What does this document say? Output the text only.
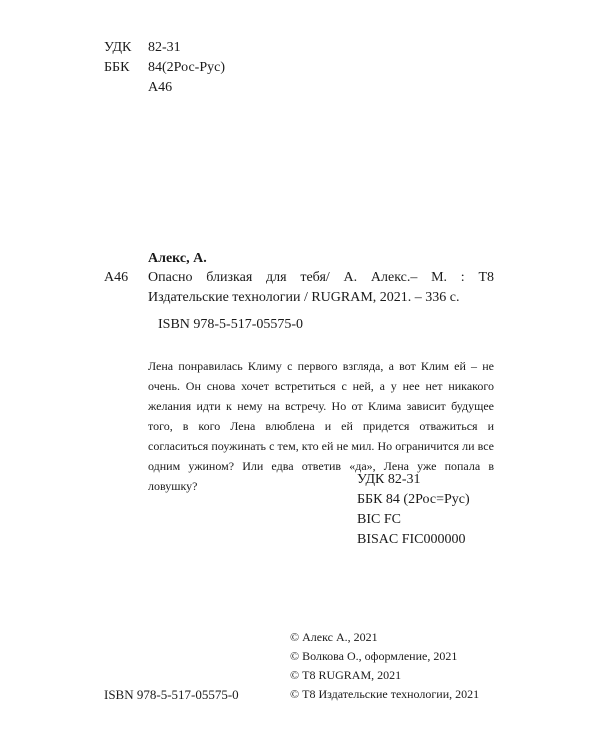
УДК	82-31
ББК	84(2Рос-Рус)
А46
Алекс, А.
А46 Опасно близкая для тебя/ А. Алекс.– М. : Т8 Издательские технологии / RUGRAM, 2021. – 336 с.
ISBN 978-5-517-05575-0
Лена понравилась Климу с первого взгляда, а вот Клим ей – не очень. Он снова хочет встретиться с ней, а у нее нет никакого желания идти к нему на встречу. Но от Клима зависит будущее того, в кого Лена влюблена и ей придется отважиться и согласиться поужинать с тем, кто ей не мил. Но ограничится ли все одним ужином? Или едва ответив «да», Лена уже попала в ловушку?	УДК 82-31
ББК 84 (2Рос=Рус)
BIC FC
BISAC FIC000000
© Алекс А., 2021
© Волкова О., оформление, 2021
© Т8 RUGRAM, 2021
© Т8 Издательские технологии, 2021
ISBN 978-5-517-05575-0
